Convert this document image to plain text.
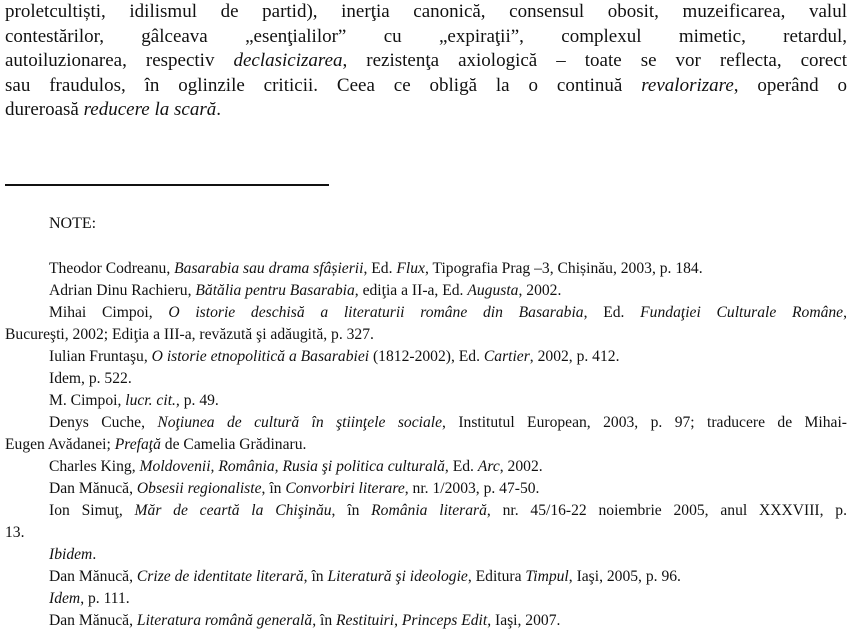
proletcultiști, idilismul de partid), inerţia canonică, consensul obosit, muzeificarea, valul
contestărilor, gâlceava „esenţialilor” cu „expiraţii”, complexul mimetic, retardul,
autoiluzionarea, respectiv declasicizarea, rezistenţa axiologică – toate se vor reflecta, corect
sau fraudulos, în oglinzile criticii. Ceea ce obligă la o continuă revalorizare, operând o
dureroasă reducere la scară.

NOTE:

Theodor Codreanu, Basarabia sau drama sfâșierii, Ed. Flux, Tipografia Prag –3, Chișinău, 2003, p. 184.

Adrian Dinu Rachieru, Bătălia pentru Basarabia, ediţia a II-a, Ed. Augusta, 2002.

Mihai Cimpoi, O istorie deschisă a literaturii române din Basarabia, Ed. Fundaţiei Culturale Române,
Bucureşti, 2002; Ediţia a III-a, revăzută şi adăugită, p. 327.

Iulian Fruntaşu, O istorie etnopolitică a Basarabiei (1812-2002), Ed. Cartier, 2002, p. 412.

Idem, p. 522.

M. Cimpoi, lucr. cit., p. 49.

Denys Cuche, Noţiunea de cultură în ştiinţele sociale, Institutul European, 2003, p. 97; traducere de Mihai-
Eugen Avădanei; Prefaţă de Camelia Grădinaru.

Charles King, Moldovenii, România, Rusia şi politica culturală, Ed. Arc, 2002.

Dan Mănucă, Obsesii regionaliste, în Convorbiri literare, nr. 1/2003, p. 47-50.

Ion Simuţ, Măr de ceartă la Chişinău, în România literară, nr. 45/16-22 noiembrie 2005, anul XXXVIII, p.
13.

Ibidem.

Dan Mănucă, Crize de identitate literară, în Literatură şi ideologie, Editura Timpul, Iaşi, 2005, p. 96.

Idem, p. 111.

Dan Mănucă, Literatura română generală, în Restituiri, Princeps Edit, Iaşi, 2007.
